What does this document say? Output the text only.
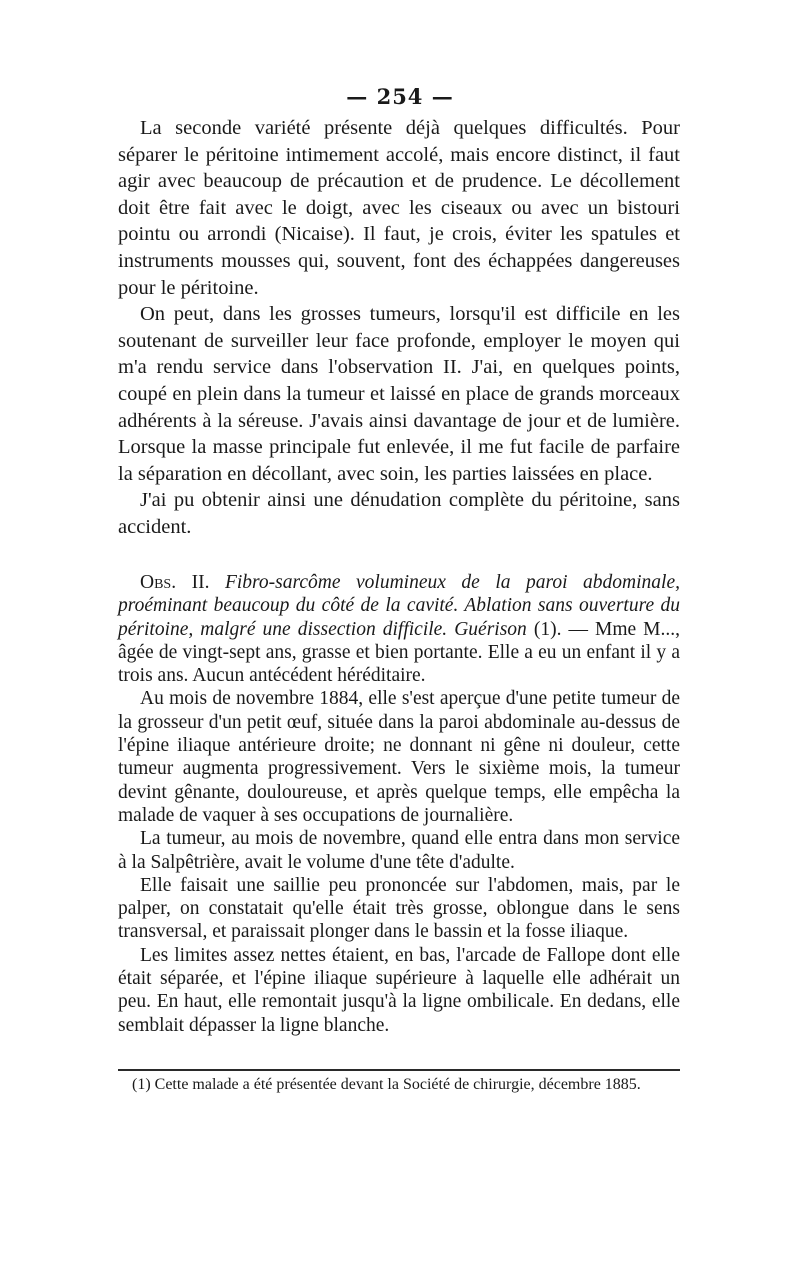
— 254 —

La seconde variété présente déjà quelques difficultés. Pour séparer le péritoine intimement accolé, mais encore distinct, il faut agir avec beaucoup de précaution et de prudence. Le décollement doit être fait avec le doigt, avec les ciseaux ou avec un bistouri pointu ou arrondi (Nicaise). Il faut, je crois, éviter les spatules et instruments mousses qui, souvent, font des échappées dangereuses pour le péritoine.

On peut, dans les grosses tumeurs, lorsqu'il est difficile en les soutenant de surveiller leur face profonde, employer le moyen qui m'a rendu service dans l'observation II. J'ai, en quelques points, coupé en plein dans la tumeur et laissé en place de grands morceaux adhérents à la séreuse. J'avais ainsi davantage de jour et de lumière. Lorsque la masse principale fut enlevée, il me fut facile de parfaire la séparation en décollant, avec soin, les parties laissées en place.

J'ai pu obtenir ainsi une dénudation complète du péritoine, sans accident.

Obs. II. Fibro-sarcôme volumineux de la paroi abdominale, proéminant beaucoup du côté de la cavité. Ablation sans ouverture du péritoine, malgré une dissection difficile. Guérison (1). — Mme M..., âgée de vingt-sept ans, grasse et bien portante. Elle a eu un enfant il y a trois ans. Aucun antécédent héréditaire.

Au mois de novembre 1884, elle s'est aperçue d'une petite tumeur de la grosseur d'un petit œuf, située dans la paroi abdominale au-dessus de l'épine iliaque antérieure droite; ne donnant ni gêne ni douleur, cette tumeur augmenta progressivement. Vers le sixième mois, la tumeur devint gênante, douloureuse, et après quelque temps, elle empêcha la malade de vaquer à ses occupations de journalière.

La tumeur, au mois de novembre, quand elle entra dans mon service à la Salpêtrière, avait le volume d'une tête d'adulte.

Elle faisait une saillie peu prononcée sur l'abdomen, mais, par le palper, on constatait qu'elle était très grosse, oblongue dans le sens transversal, et paraissait plonger dans le bassin et la fosse iliaque.

Les limites assez nettes étaient, en bas, l'arcade de Fallope dont elle était séparée, et l'épine iliaque supérieure à laquelle elle adhérait un peu. En haut, elle remontait jusqu'à la ligne ombilicale. En dedans, elle semblait dépasser la ligne blanche.

(1) Cette malade a été présentée devant la Société de chirurgie, décembre 1885.
